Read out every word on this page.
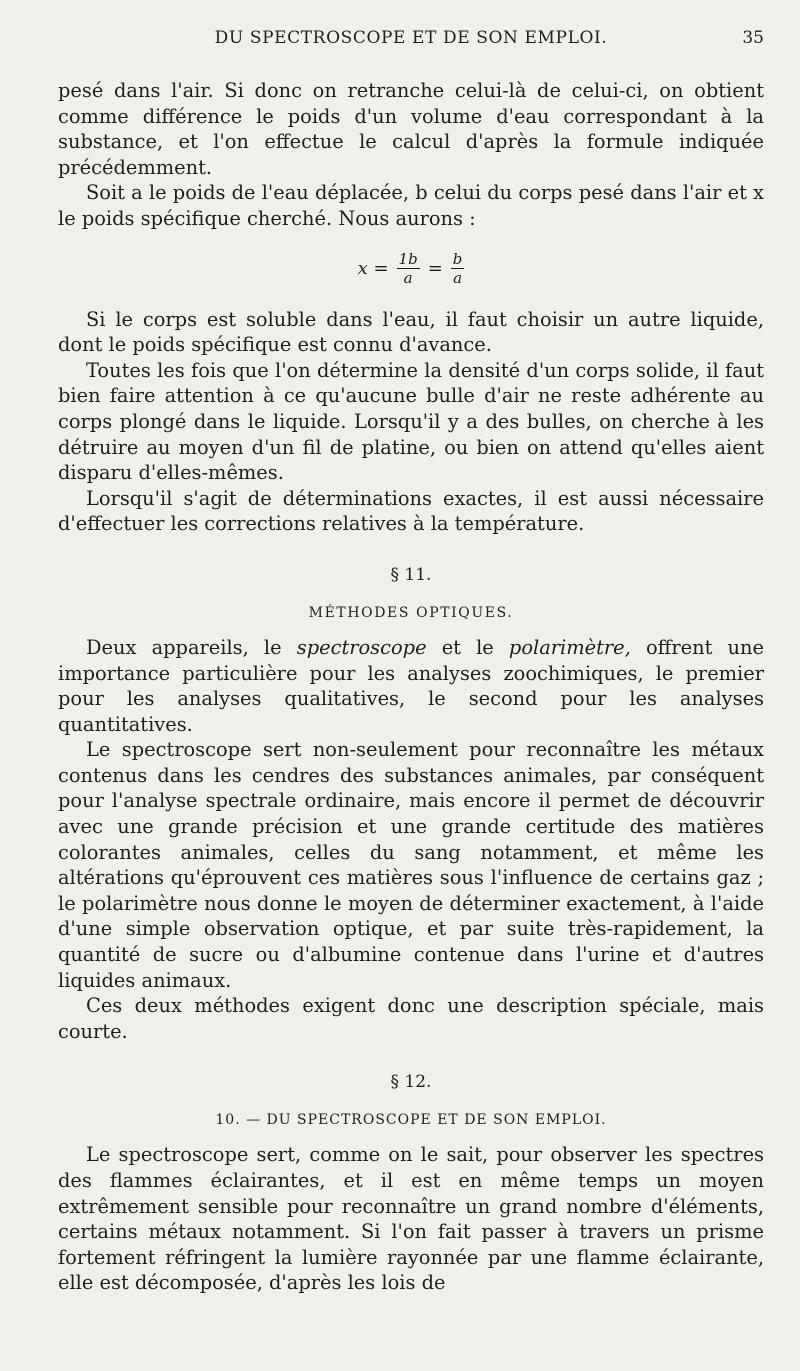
DU SPECTROSCOPE ET DE SON EMPLOI.	35

pesé dans l'air. Si donc on retranche celui-là de celui-ci, on obtient comme différence le poids d'un volume d'eau correspondant à la substance, et l'on effectue le calcul d'après la formule indiquée précédemment.

Soit a le poids de l'eau déplacée, b celui du corps pesé dans l'air et x le poids spécifique cherché. Nous aurons :

$x = \frac{1b}{a} = \frac{b}{a}$

Si le corps est soluble dans l'eau, il faut choisir un autre liquide, dont le poids spécifique est connu d'avance.

Toutes les fois que l'on détermine la densité d'un corps solide, il faut bien faire attention à ce qu'aucune bulle d'air ne reste adhérente au corps plongé dans le liquide. Lorsqu'il y a des bulles, on cherche à les détruire au moyen d'un fil de platine, ou bien on attend qu'elles aient disparu d'elles-mêmes.

Lorsqu'il s'agit de déterminations exactes, il est aussi nécessaire d'effectuer les corrections relatives à la température.

§ 11.
MÉTHODES OPTIQUES.

Deux appareils, le spectroscope et le polarimètre, offrent une importance particulière pour les analyses zoochimiques, le premier pour les analyses qualitatives, le second pour les analyses quantitatives.

Le spectroscope sert non-seulement pour reconnaître les métaux contenus dans les cendres des substances animales, par conséquent pour l'analyse spectrale ordinaire, mais encore il permet de découvrir avec une grande précision et une grande certitude des matières colorantes animales, celles du sang notamment, et même les altérations qu'éprouvent ces matières sous l'influence de certains gaz ; le polarimètre nous donne le moyen de déterminer exactement, à l'aide d'une simple observation optique, et par suite très-rapidement, la quantité de sucre ou d'albumine contenue dans l'urine et d'autres liquides animaux.

Ces deux méthodes exigent donc une description spéciale, mais courte.

§ 12.
10. — DU SPECTROSCOPE ET DE SON EMPLOI.

Le spectroscope sert, comme on le sait, pour observer les spectres des flammes éclairantes, et il est en même temps un moyen extrêmement sensible pour reconnaître un grand nombre d'éléments, certains métaux notamment. Si l'on fait passer à travers un prisme fortement réfringent la lumière rayonnée par une flamme éclairante, elle est décomposée, d'après les lois de
